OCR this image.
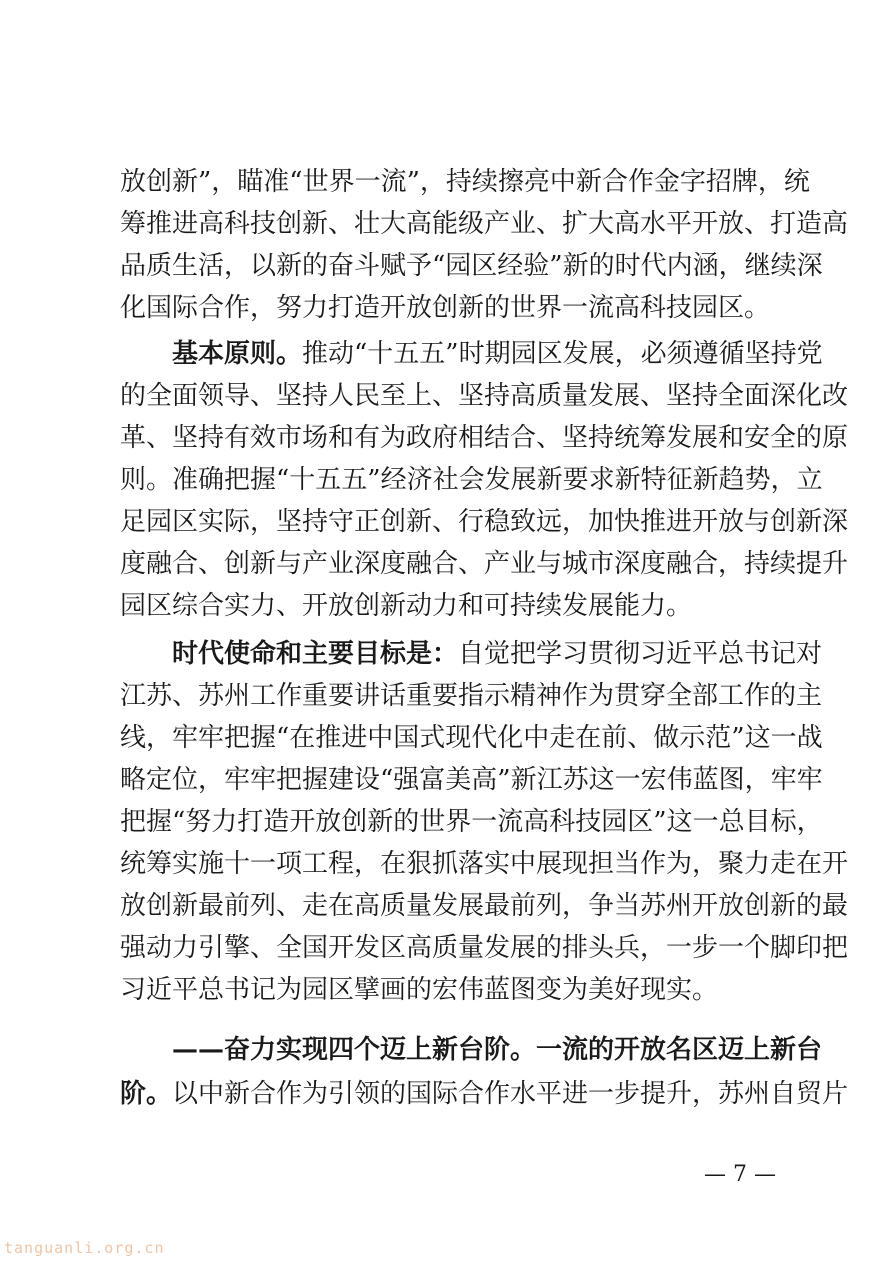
放创新”，瞄准“世界一流”，持续擦亮中新合作金字招牌，统
筹推进高科技创新、壮大高能级产业、扩大高水平开放、打造高
品质生活，以新的奋斗赋予“园区经验”新的时代内涵，继续深
化国际合作，努力打造开放创新的世界一流高科技园区。
基本原则。推动“十五五”时期园区发展，必须遵循坚持党
的全面领导、坚持人民至上、坚持高质量发展、坚持全面深化改
革、坚持有效市场和有为政府相结合、坚持统筹发展和安全的原
则。准确把握“十五五”经济社会发展新要求新特征新趋势，立
足园区实际，坚持守正创新、行稳致远，加快推进开放与创新深
度融合、创新与产业深度融合、产业与城市深度融合，持续提升
园区综合实力、开放创新动力和可持续发展能力。
时代使命和主要目标是：自觉把学习贯彻习近平总书记对
江苏、苏州工作重要讲话重要指示精神作为贯穿全部工作的主
线，牢牢把握“在推进中国式现代化中走在前、做示范”这一战
略定位，牢牢把握建设“强富美高”新江苏这一宏伟蓝图，牢牢
把握“努力打造开放创新的世界一流高科技园区”这一总目标，
统筹实施十一项工程，在狠抓落实中展现担当作为，聚力走在开
放创新最前列、走在高质量发展最前列，争当苏州开放创新的最
强动力引擎、全国开发区高质量发展的排头兵，一步一个脚印把
习近平总书记为园区擘画的宏伟蓝图变为美好现实。
——奋力实现四个迈上新台阶。一流的开放名区迈上新台
阶。以中新合作为引领的国际合作水平进一步提升，苏州自贸片
— 7 —
tanguanli.org.cn
